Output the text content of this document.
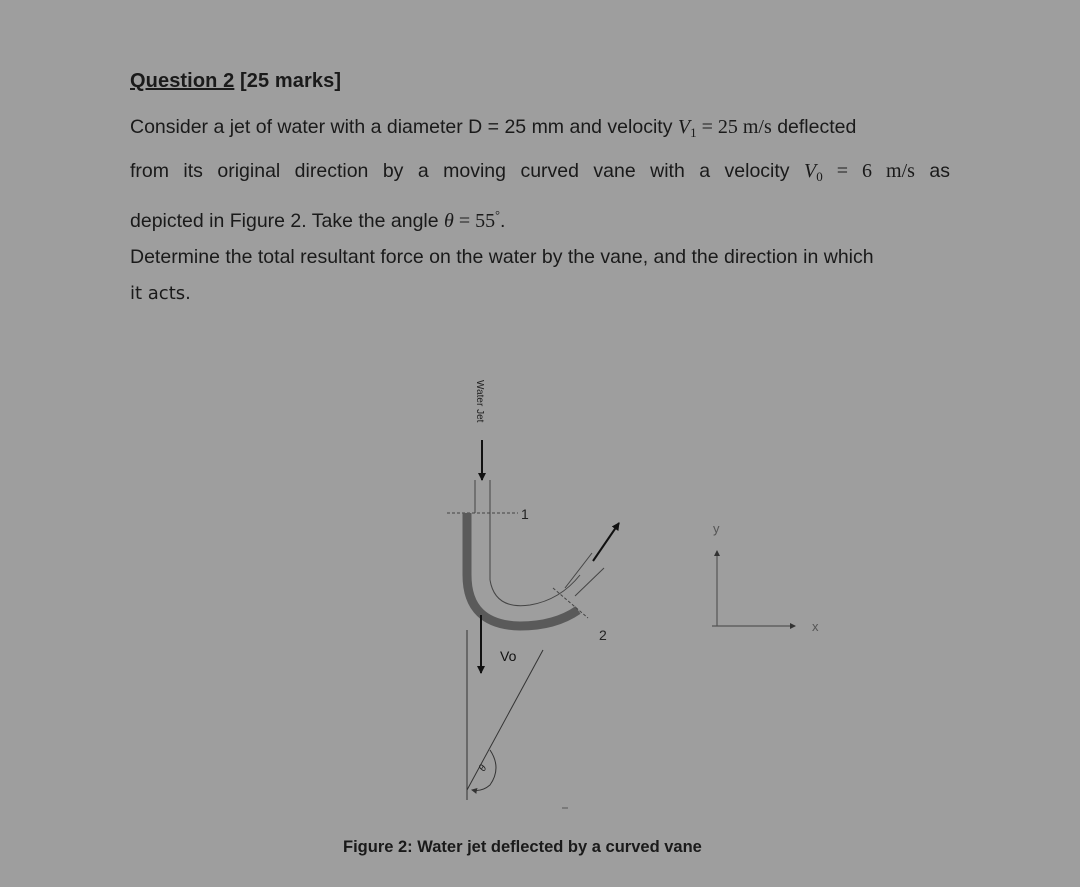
Question 2 [25 marks]
Consider a jet of water with a diameter D = 25 mm and velocity $V_1 = 25$ m/s deflected
from its original direction by a moving curved vane with a velocity $V_0 = 6$ m/s as
depicted in Figure 2. Take the angle θ = 55°.
Determine the total resultant force on the water by the vane, and the direction in which
it acts.
Water Jet
1
2
Vo
θ
y
x
Figure 2: Water jet deflected by a curved vane
